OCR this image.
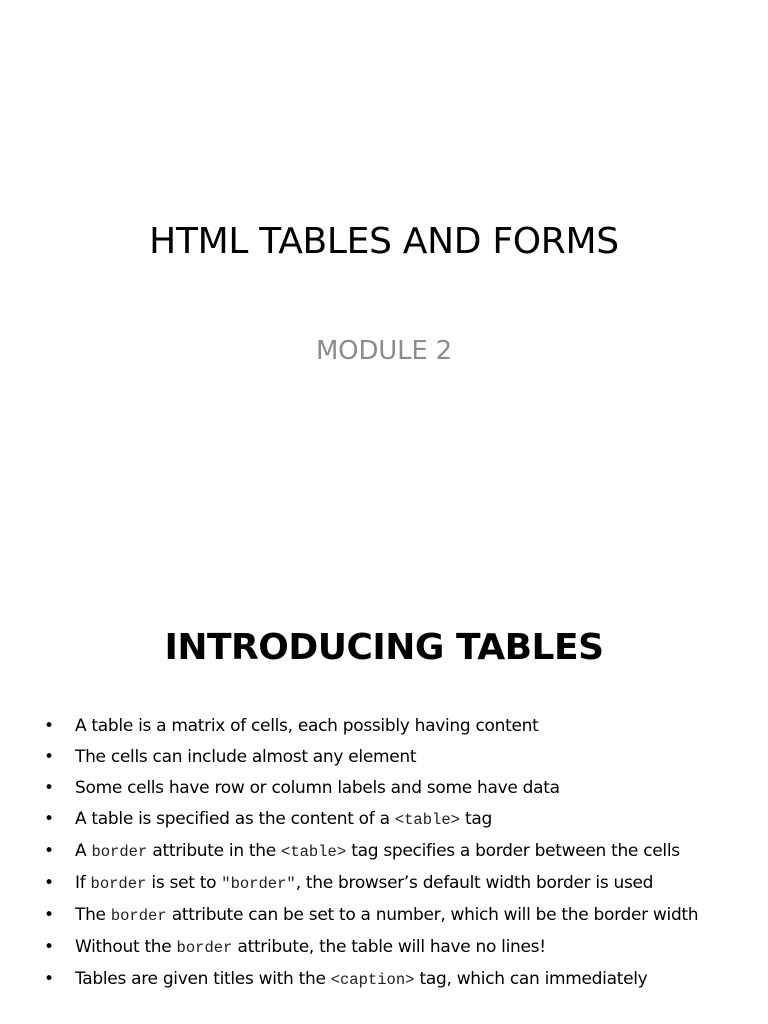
HTML TABLES AND FORMS

MODULE 2

INTRODUCING TABLES
• A table is a matrix of cells, each possibly having content
• The cells can include almost any element
• Some cells have row or column labels and some have data
• A table is specified as the content of a <table> tag
• A border attribute in the <table> tag specifies a border between the cells
• If border is set to "border", the browser’s default width border is used
• The border attribute can be set to a number, which will be the border width
• Without the border attribute, the table will have no lines!
• Tables are given titles with the <caption> tag, which can immediately
